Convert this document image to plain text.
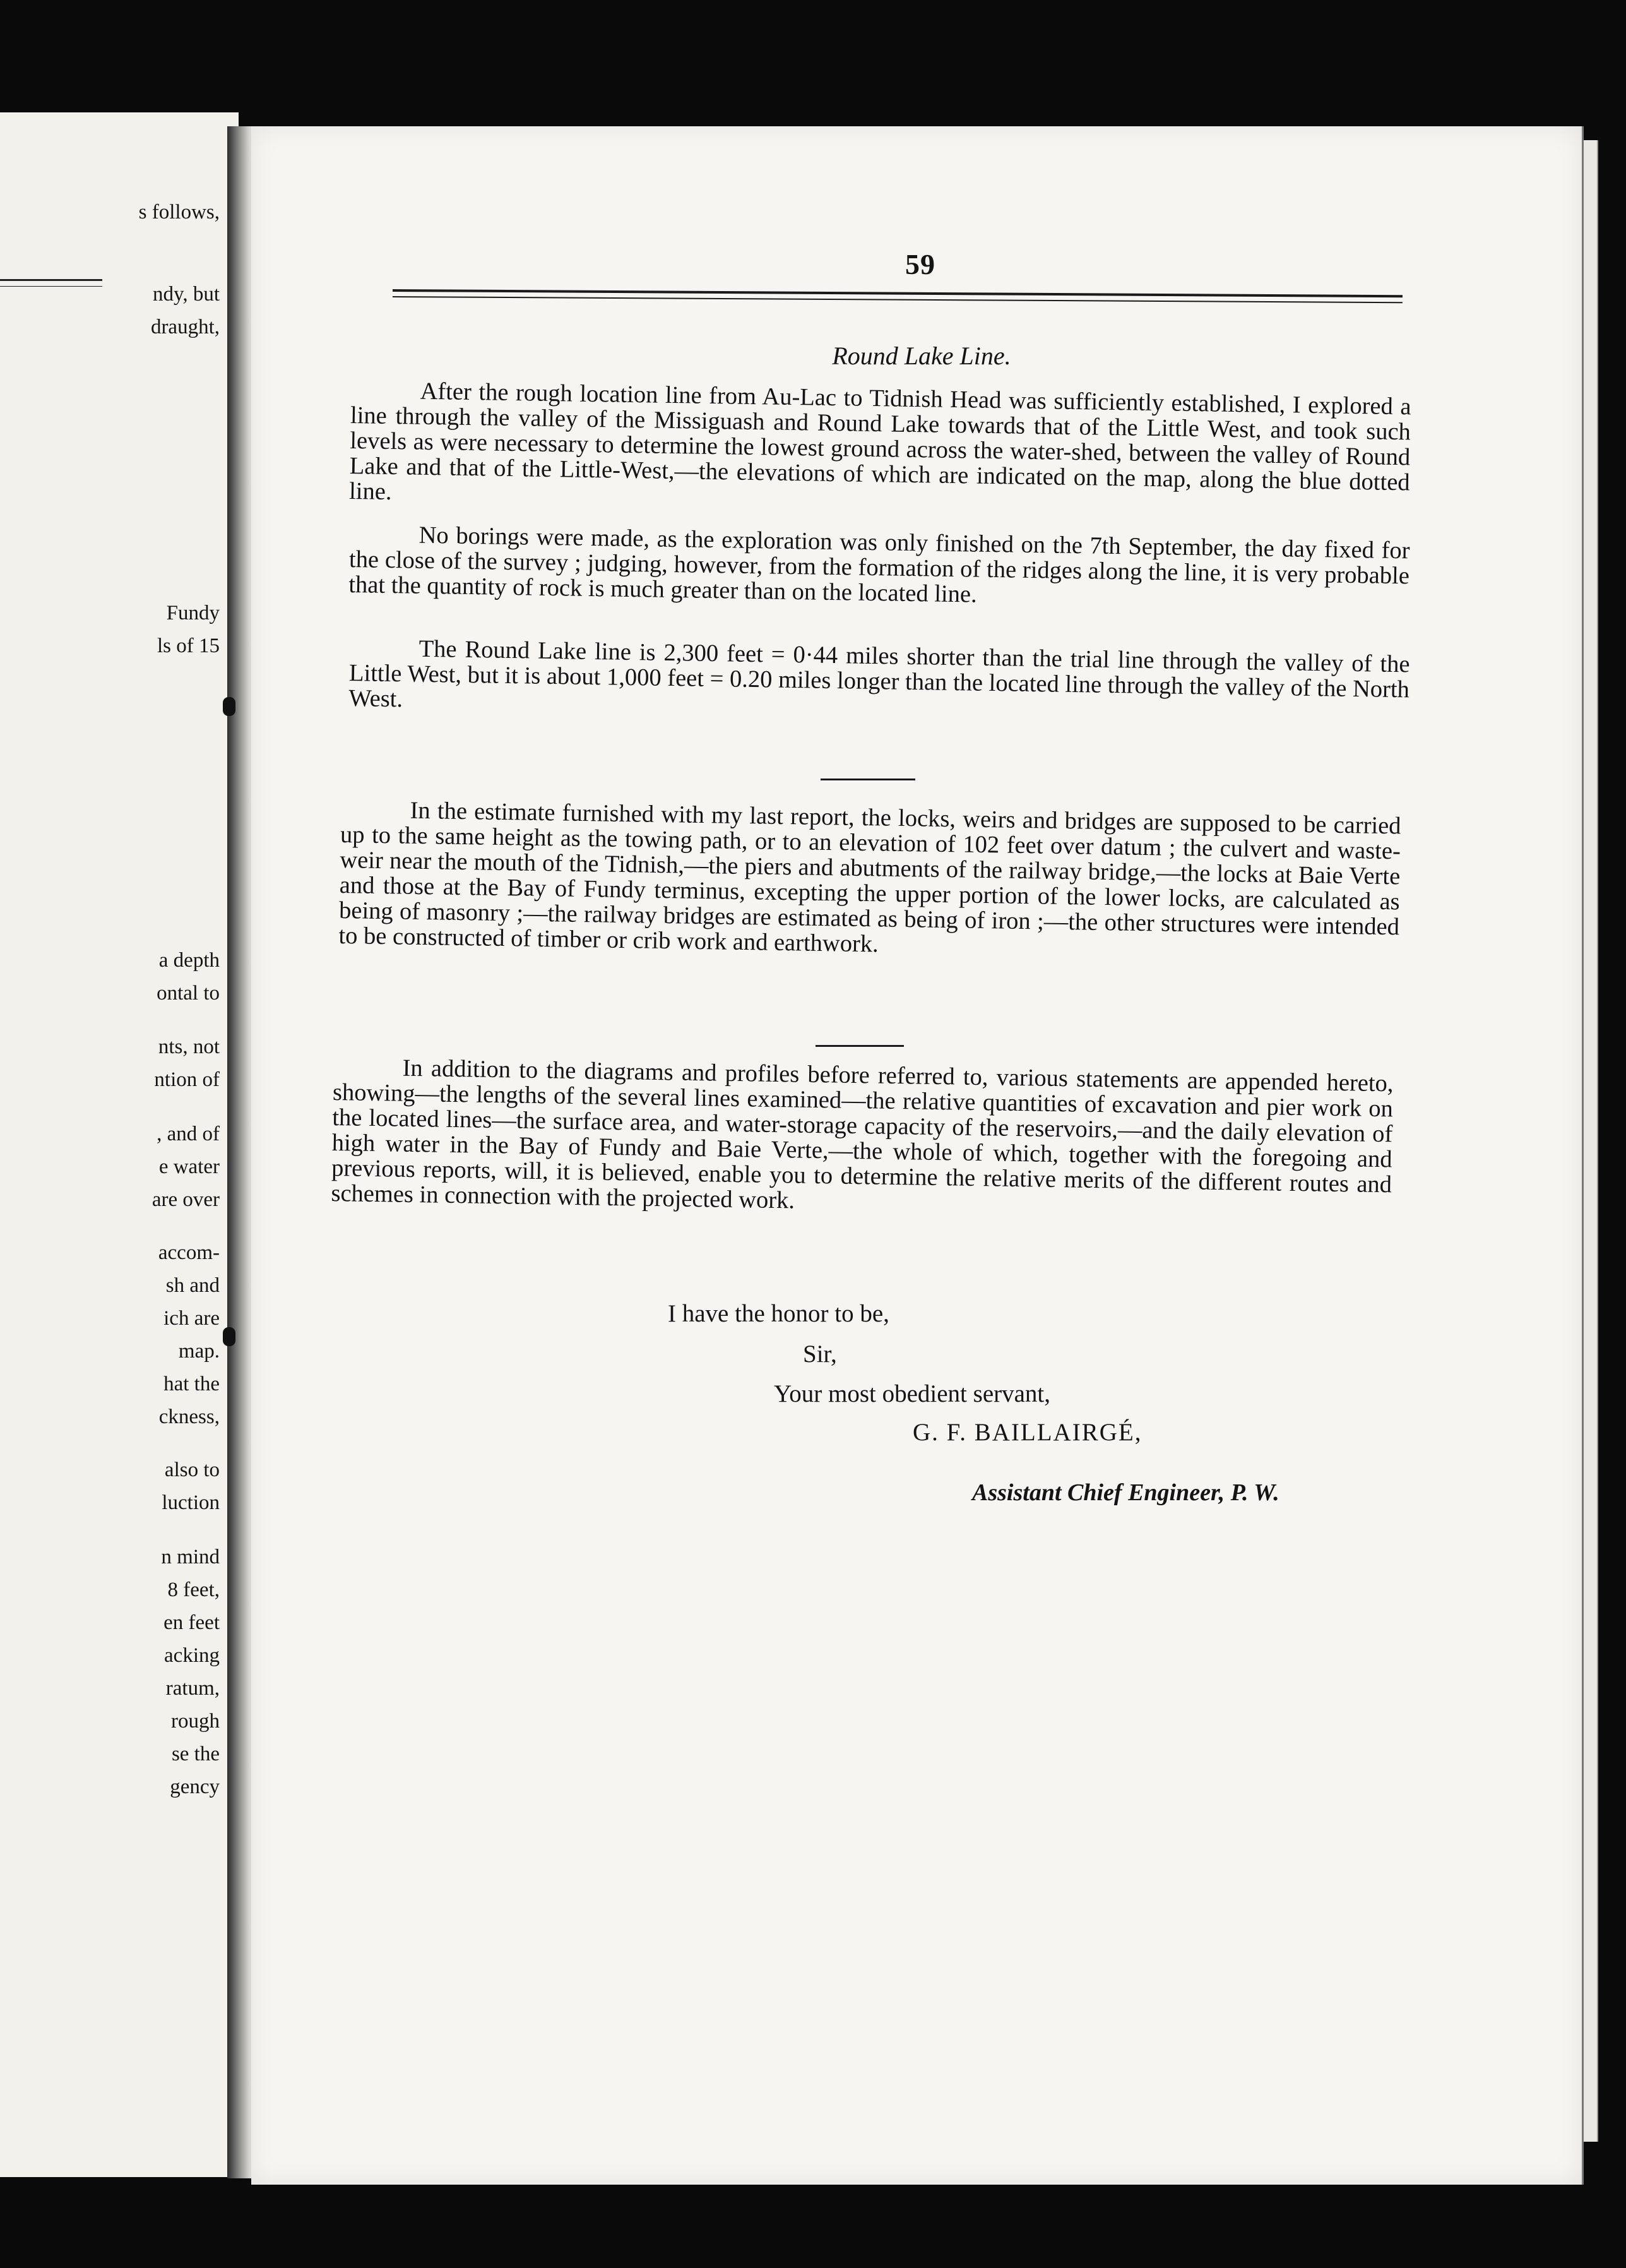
s follows,

ndy, but

draught,

Fundy

ls of 15

a depth

ontal to

nts, not

ntion of

, and of

e water

are over

accom-

sh and

ich are

map.

hat the

ckness,

also to

luction

n mind

8 feet,

en feet

acking

ratum,

rough

se the

gency

59

Round Lake Line.

After the rough location line from Au-Lac to Tidnish Head was sufficiently established, I explored a line through the valley of the Missiguash and Round Lake towards that of the Little West, and took such levels as were necessary to determine the lowest ground across the water-shed, between the valley of Round Lake and that of the Little-West,—the elevations of which are indicated on the map, along the blue dotted line.

No borings were made, as the exploration was only finished on the 7th September, the day fixed for the close of the survey ; judging, however, from the formation of the ridges along the line, it is very probable that the quantity of rock is much greater than on the located line.

The Round Lake line is 2,300 feet = 0·44 miles shorter than the trial line through the valley of the Little West, but it is about 1,000 feet = 0.20 miles longer than the located line through the valley of the North West.

In the estimate furnished with my last report, the locks, weirs and bridges are supposed to be carried up to the same height as the towing path, or to an elevation of 102 feet over datum ; the culvert and waste-weir near the mouth of the Tidnish,—the piers and abutments of the railway bridge,—the locks at Baie Verte and those at the Bay of Fundy terminus, excepting the upper portion of the lower locks, are calculated as being of masonry ;—the railway bridges are estimated as being of iron ;—the other structures were intended to be constructed of timber or crib work and earthwork.

In addition to the diagrams and profiles before referred to, various statements are appended hereto, showing—the lengths of the several lines examined—the relative quantities of excavation and pier work on the located lines—the surface area, and water-storage capacity of the reservoirs,—and the daily elevation of high water in the Bay of Fundy and Baie Verte,—the whole of which, together with the foregoing and previous reports, will, it is believed, enable you to determine the relative merits of the different routes and schemes in connection with the projected work.

I have the honor to be,

Sir,

Your most obedient servant,

G. F. BAILLAIRGÉ,

Assistant Chief Engineer, P. W.
